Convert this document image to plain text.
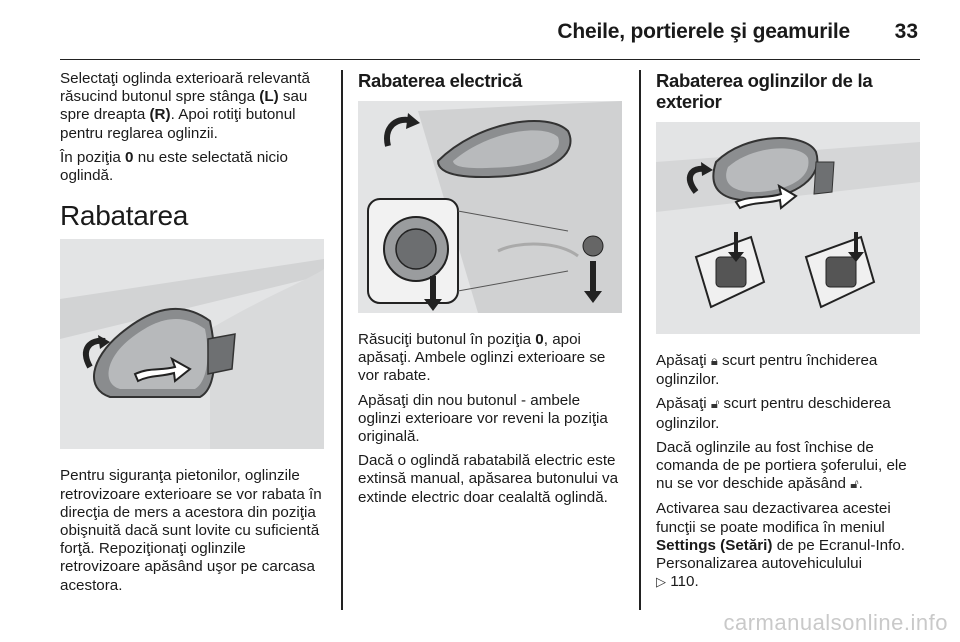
Cheile, portierele şi geamurile 33

Selectaţi oglinda exterioară relevantă răsucind butonul spre stânga (L) sau spre dreapta (R). Apoi rotiţi butonul pentru reglarea oglinzii.

În poziţia 0 nu este selectată nicio oglindă.

Rabatarea

Pentru siguranţa pietonilor, oglinzile retrovizoare exterioare se vor rabata în direcţia de mers a acestora din poziţia obişnuită dacă sunt lovite cu suficientă forţă. Repoziţionaţi oglinzile retrovizoare apăsând uşor pe carcasa acestora.

Rabaterea electrică

Răsuciţi butonul în poziţia 0, apoi apăsaţi. Ambele oglinzi exterioare se vor rabate.

Apăsaţi din nou butonul - ambele oglinzi exterioare vor reveni la poziţia originală.

Dacă o oglindă rabatabilă electric este extinsă manual, apăsarea butonului va extinde electric doar cealaltă oglindă.

Rabaterea oglinzilor de la exterior

Apăsaţi 🔒︎ scurt pentru închiderea oglinzilor.

Apăsaţi 🔓︎ scurt pentru deschiderea oglinzilor.

Dacă oglinzile au fost închise de comanda de pe portiera şoferului, ele nu se vor deschide apăsând 🔓︎.

Activarea sau dezactivarea acestei funcţii se poate modifica în meniul Settings (Setări) de pe Ecranul-Info. Personalizarea autovehiculului
▷ 110.

carmanualsonline.info
